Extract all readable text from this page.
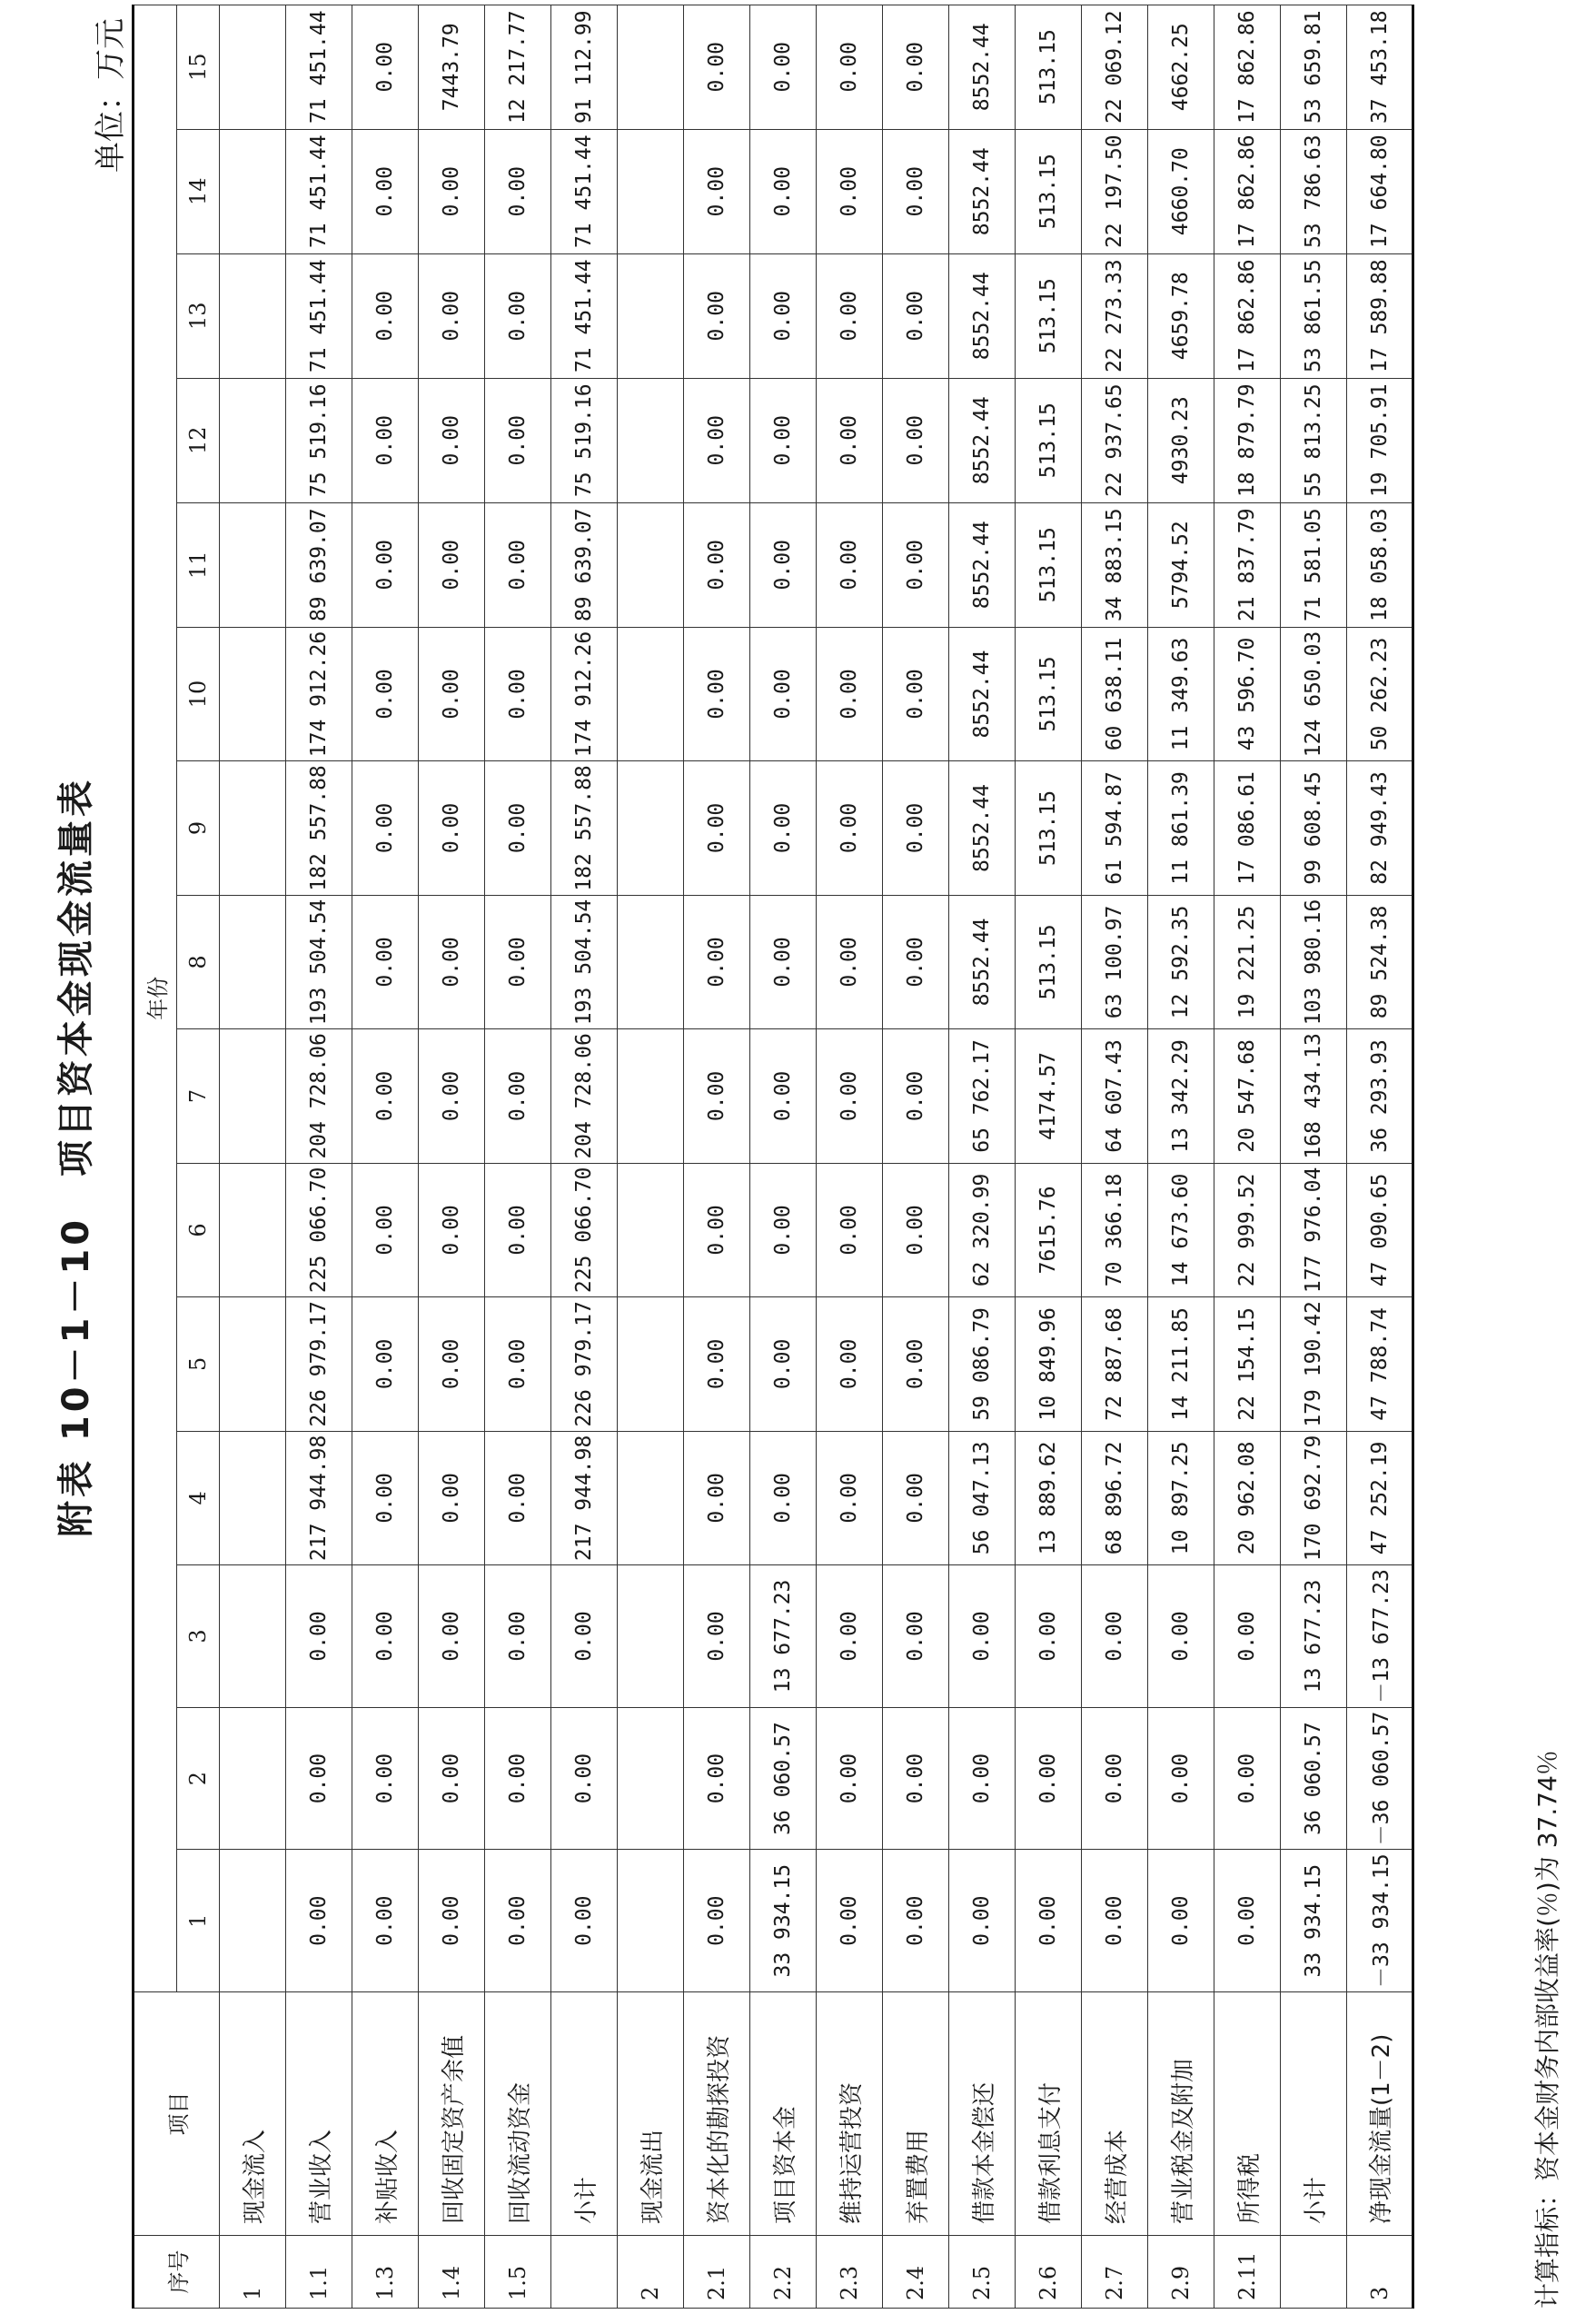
附表 10－1－10　项目资本金现金流量表
单位：万元
序号	项目	年份														
		1	2	3	4	5	6	7	8	9	10	11	12	13	14	15
1	现金流入															
1.1	营业收入	0.00	0.00	0.00	217 944.98	226 979.17	225 066.70	204 728.06	193 504.54	182 557.88	174 912.26	89 639.07	75 519.16	71 451.44	71 451.44	71 451.44
1.3	补贴收入	0.00	0.00	0.00	0.00	0.00	0.00	0.00	0.00	0.00	0.00	0.00	0.00	0.00	0.00	0.00
1.4	回收固定资产余值	0.00	0.00	0.00	0.00	0.00	0.00	0.00	0.00	0.00	0.00	0.00	0.00	0.00	0.00	7443.79
1.5	回收流动资金	0.00	0.00	0.00	0.00	0.00	0.00	0.00	0.00	0.00	0.00	0.00	0.00	0.00	0.00	12 217.77
	小计	0.00	0.00	0.00	217 944.98	226 979.17	225 066.70	204 728.06	193 504.54	182 557.88	174 912.26	89 639.07	75 519.16	71 451.44	71 451.44	91 112.99
2	现金流出															
2.1	资本化的勘探投资	0.00	0.00	0.00	0.00	0.00	0.00	0.00	0.00	0.00	0.00	0.00	0.00	0.00	0.00	0.00
2.2	项目资本金	33 934.15	36 060.57	13 677.23	0.00	0.00	0.00	0.00	0.00	0.00	0.00	0.00	0.00	0.00	0.00	0.00
2.3	维持运营投资	0.00	0.00	0.00	0.00	0.00	0.00	0.00	0.00	0.00	0.00	0.00	0.00	0.00	0.00	0.00
2.4	弃置费用	0.00	0.00	0.00	0.00	0.00	0.00	0.00	0.00	0.00	0.00	0.00	0.00	0.00	0.00	0.00
2.5	借款本金偿还	0.00	0.00	0.00	56 047.13	59 086.79	62 320.99	65 762.17	8552.44	8552.44	8552.44	8552.44	8552.44	8552.44	8552.44	8552.44
2.6	借款利息支付	0.00	0.00	0.00	13 889.62	10 849.96	7615.76	4174.57	513.15	513.15	513.15	513.15	513.15	513.15	513.15	513.15
2.7	经营成本	0.00	0.00	0.00	68 896.72	72 887.68	70 366.18	64 607.43	63 100.97	61 594.87	60 638.11	34 883.15	22 937.65	22 273.33	22 197.50	22 069.12
2.9	营业税金及附加	0.00	0.00	0.00	10 897.25	14 211.85	14 673.60	13 342.29	12 592.35	11 861.39	11 349.63	5794.52	4930.23	4659.78	4660.70	4662.25
2.11	所得税	0.00	0.00	0.00	20 962.08	22 154.15	22 999.52	20 547.68	19 221.25	17 086.61	43 596.70	21 837.79	18 879.79	17 862.86	17 862.86	17 862.86
	小计	33 934.15	36 060.57	13 677.23	170 692.79	179 190.42	177 976.04	168 434.13	103 980.16	99 608.45	124 650.03	71 581.05	55 813.25	53 861.55	53 786.63	53 659.81
3	净现金流量(1－2)	－33 934.15	－36 060.57	－13 677.23	47 252.19	47 788.74	47 090.65	36 293.93	89 524.38	82 949.43	50 262.23	18 058.03	19 705.91	17 589.88	17 664.80	37 453.18
计算指标：资本金财务内部收益率(％)为 37.74％
